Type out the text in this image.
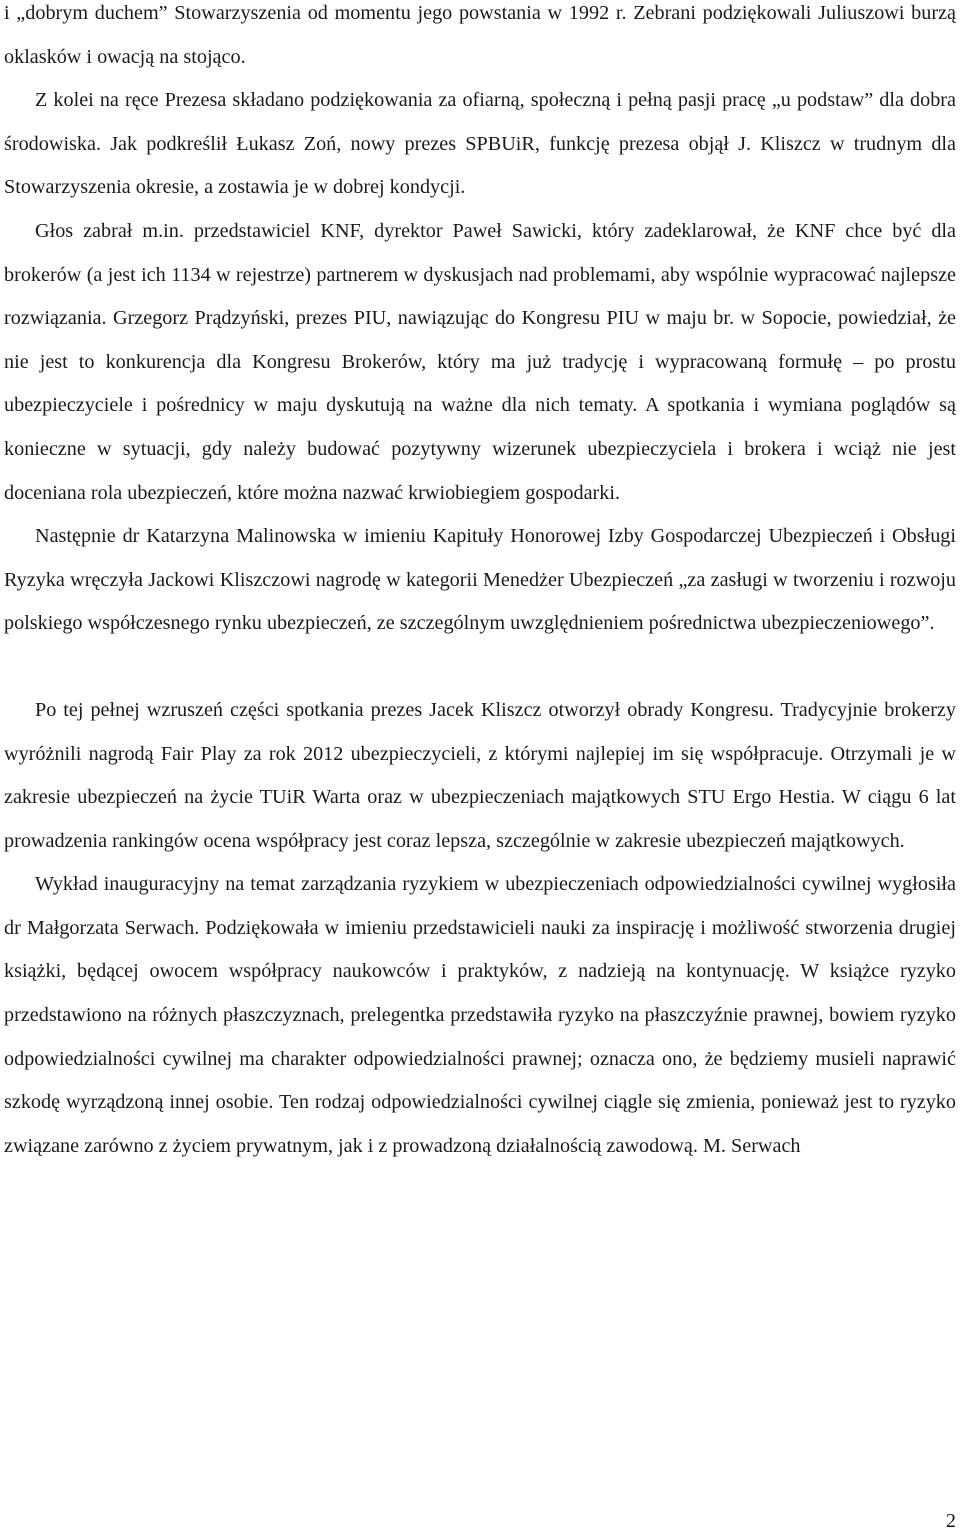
i „dobrym duchem” Stowarzyszenia od momentu jego powstania w 1992 r. Zebrani podziękowali Juliuszowi burzą oklasków i owacją na stojąco.

Z kolei na ręce Prezesa składano podziękowania za ofiarną, społeczną i pełną pasji pracę „u podstaw” dla dobra środowiska. Jak podkreślił Łukasz Zoń, nowy prezes SPBUiR, funkcję prezesa objął J. Kliszcz w trudnym dla Stowarzyszenia okresie, a zostawia je w dobrej kondycji.

Głos zabrał m.in. przedstawiciel KNF, dyrektor Paweł Sawicki, który zadeklarował, że KNF chce być dla brokerów (a jest ich 1134 w rejestrze) partnerem w dyskusjach nad problemami, aby wspólnie wypracować najlepsze rozwiązania. Grzegorz Prądzyński, prezes PIU, nawiązując do Kongresu PIU w maju br. w Sopocie, powiedział, że nie jest to konkurencja dla Kongresu Brokerów, który ma już tradycję i wypracowaną formułę – po prostu ubezpieczyciele i pośrednicy w maju dyskutują na ważne dla nich tematy. A spotkania i wymiana poglądów są konieczne w sytuacji, gdy należy budować pozytywny wizerunek ubezpieczyciela i brokera i wciąż nie jest doceniana rola ubezpieczeń, które można nazwać krwiobiegiem gospodarki.

Następnie dr Katarzyna Malinowska w imieniu Kapituły Honorowej Izby Gospodarczej Ubezpieczeń i Obsługi Ryzyka wręczyła Jackowi Kliszczowi nagrodę w kategorii Menedżer Ubezpieczeń „za zasługi w tworzeniu i rozwoju polskiego współczesnego rynku ubezpieczeń, ze szczególnym uwzględnieniem pośrednictwa ubezpieczeniowego”.

Po tej pełnej wzruszeń części spotkania prezes Jacek Kliszcz otworzył obrady Kongresu. Tradycyjnie brokerzy wyróżnili nagrodą Fair Play za rok 2012 ubezpieczycieli, z którymi najlepiej im się współpracuje. Otrzymali je w zakresie ubezpieczeń na życie TUiR Warta oraz w ubezpieczeniach majątkowych STU Ergo Hestia. W ciągu 6 lat prowadzenia rankingów ocena współpracy jest coraz lepsza, szczególnie w zakresie ubezpieczeń majątkowych.

Wykład inauguracyjny na temat zarządzania ryzykiem w ubezpieczeniach odpowiedzialności cywilnej wygłosiła dr Małgorzata Serwach. Podziękowała w imieniu przedstawicieli nauki za inspirację i możliwość stworzenia drugiej książki, będącej owocem współpracy naukowców i praktyków, z nadzieją na kontynuację. W książce ryzyko przedstawiono na różnych płaszczyznach, prelegentka przedstawiła ryzyko na płaszczyźnie prawnej, bowiem ryzyko odpowiedzialności cywilnej ma charakter odpowiedzialności prawnej; oznacza ono, że będziemy musieli naprawić szkodę wyrządzoną innej osobie. Ten rodzaj odpowiedzialności cywilnej ciągle się zmienia, ponieważ jest to ryzyko związane zarówno z życiem prywatnym, jak i z prowadzoną działalnością zawodową. M. Serwach

2
